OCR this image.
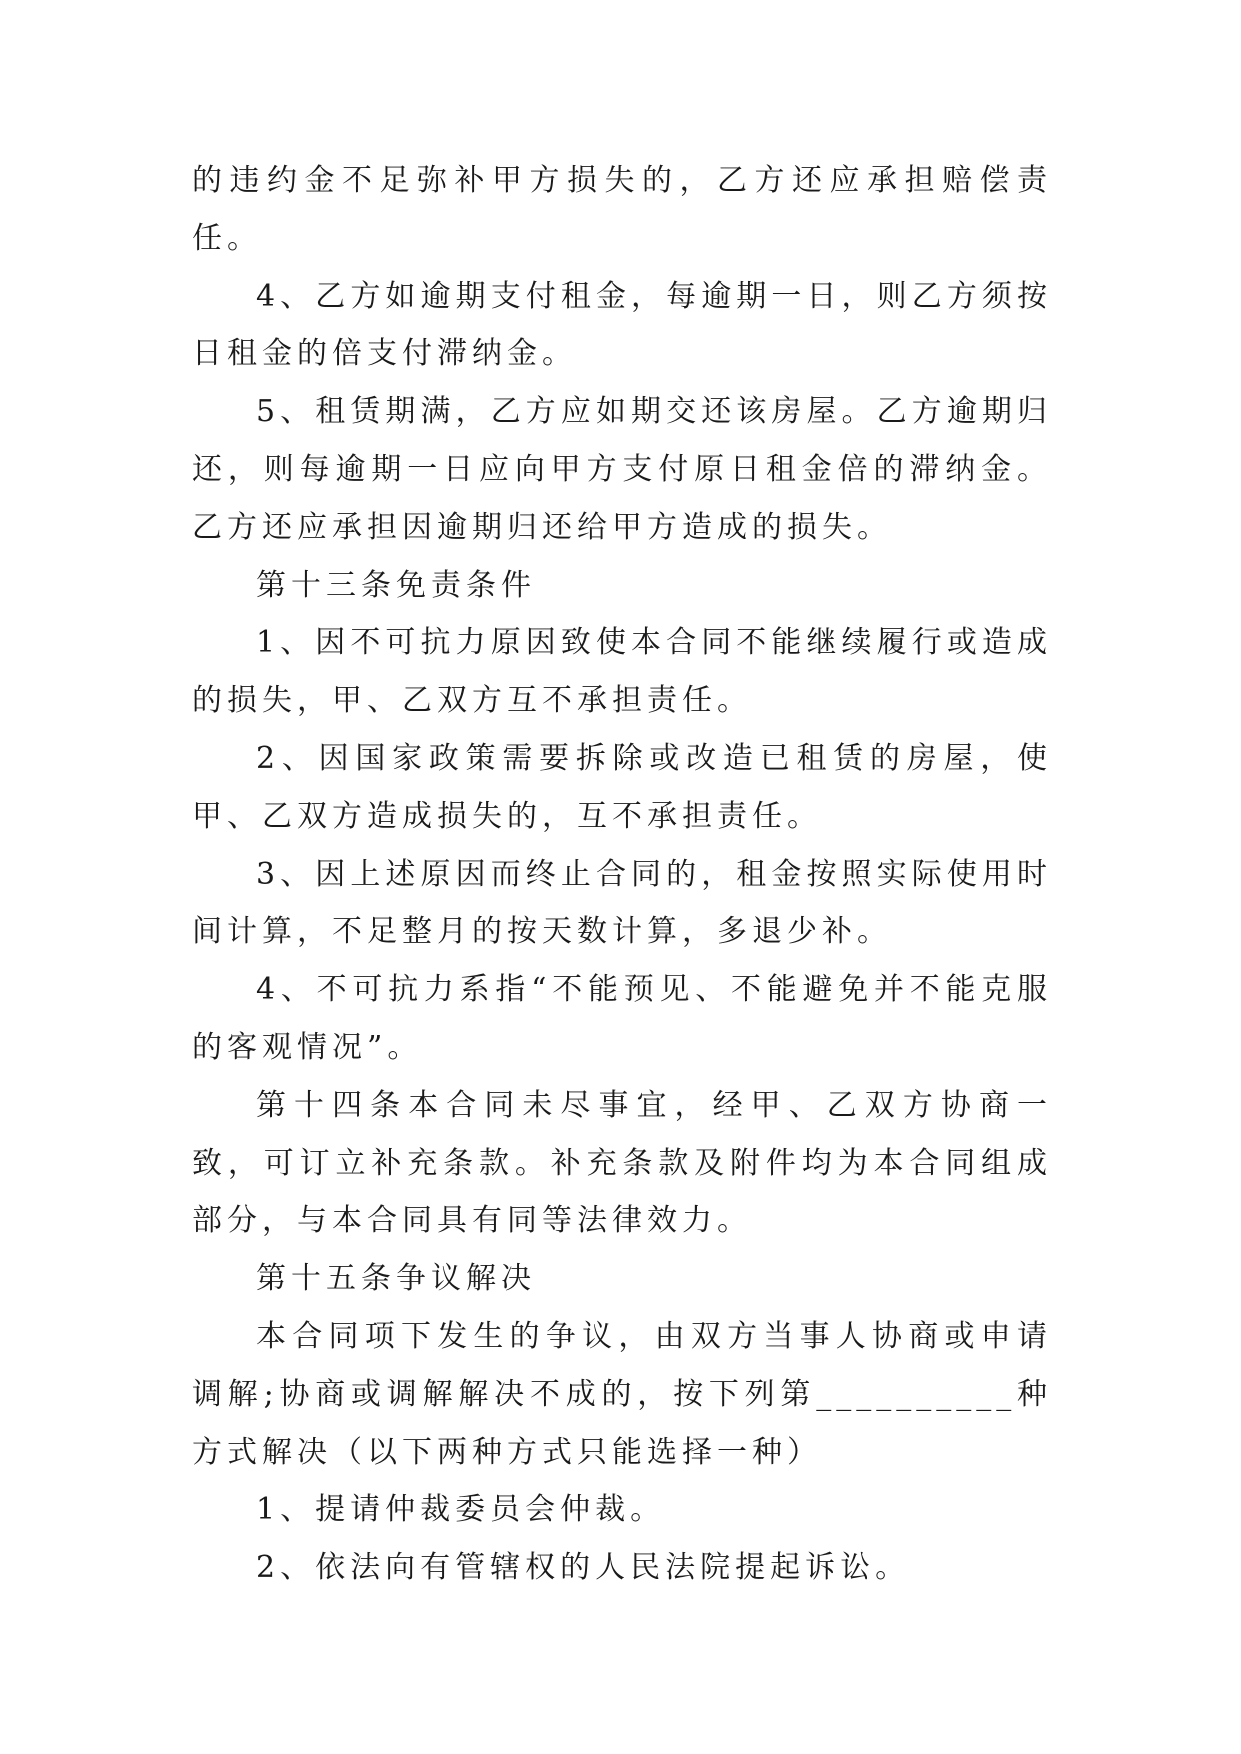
的违约金不足弥补甲方损失的，乙方还应承担赔偿责任。

4、乙方如逾期支付租金，每逾期一日，则乙方须按日租金的倍支付滞纳金。

5、租赁期满，乙方应如期交还该房屋。乙方逾期归还，则每逾期一日应向甲方支付原日租金倍的滞纳金。乙方还应承担因逾期归还给甲方造成的损失。

第十三条免责条件

1、因不可抗力原因致使本合同不能继续履行或造成的损失，甲、乙双方互不承担责任。

2、因国家政策需要拆除或改造已租赁的房屋，使甲、乙双方造成损失的，互不承担责任。

3、因上述原因而终止合同的，租金按照实际使用时间计算，不足整月的按天数计算，多退少补。

4、不可抗力系指“不能预见、不能避免并不能克服的客观情况”。

第十四条本合同未尽事宜，经甲、乙双方协商一致，可订立补充条款。补充条款及附件均为本合同组成部分，与本合同具有同等法律效力。

第十五条争议解决

本合同项下发生的争议，由双方当事人协商或申请调解;协商或调解解决不成的，按下列第__________种方式解决（以下两种方式只能选择一种）

1、提请仲裁委员会仲裁。

2、依法向有管辖权的人民法院提起诉讼。
